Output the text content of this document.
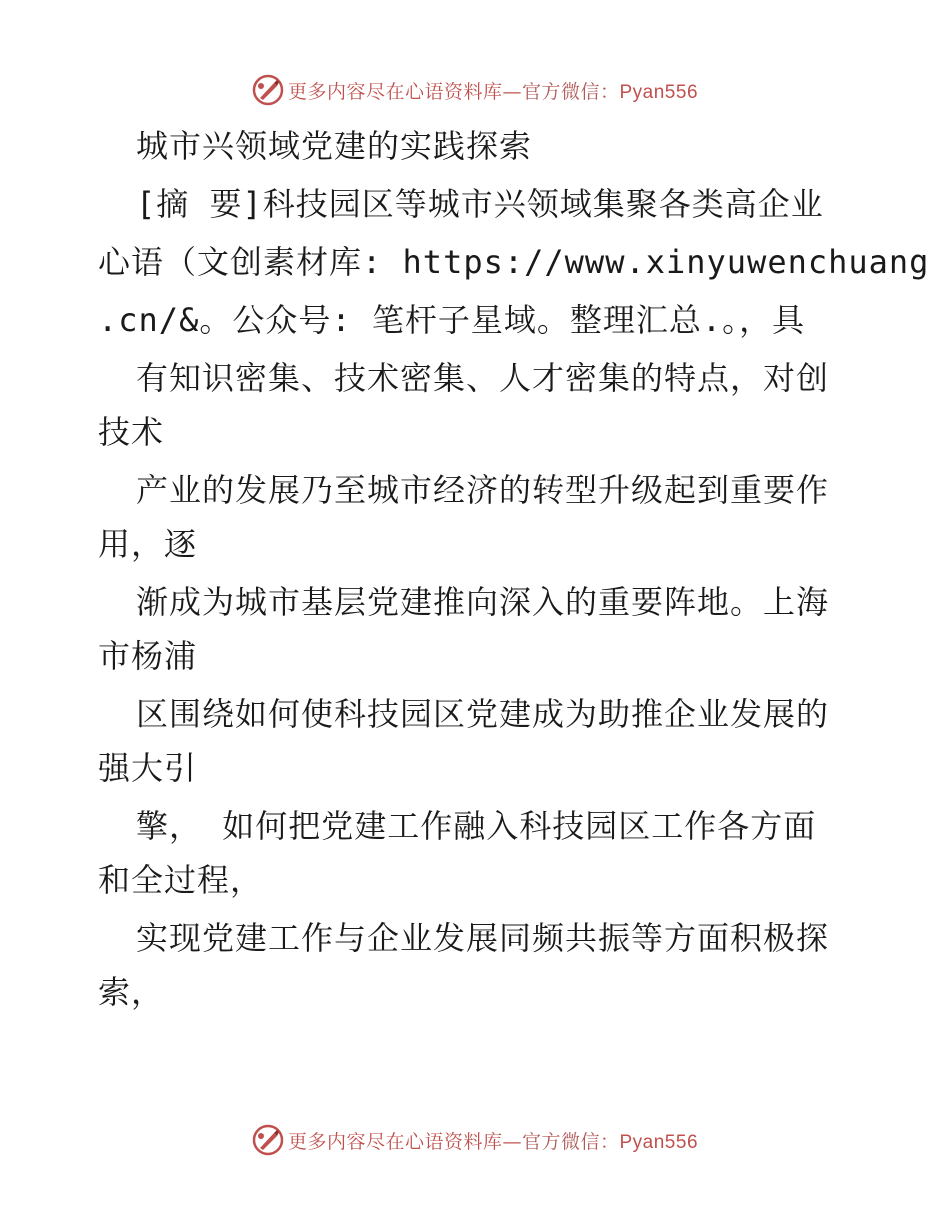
更多内容尽在心语资料库—官方微信：Pyan556
城市兴领域党建的实践探索
[摘 要]科技园区等城市兴领域集聚各类高企业
心语（文创素材库: https://www.xinyuwenchuang
.cn/&。公众号: 笔杆子星域。整理汇总.。，具
有知识密集、技术密集、人才密集的特点，对创
技术
产业的发展乃至城市经济的转型升级起到重要作
用，逐
渐成为城市基层党建推向深入的重要阵地。上海
市杨浦
区围绕如何使科技园区党建成为助推企业发展的
强大引
擎， 如何把党建工作融入科技园区工作各方面
和全过程，
实现党建工作与企业发展同频共振等方面积极探
索，
更多内容尽在心语资料库—官方微信：Pyan556
